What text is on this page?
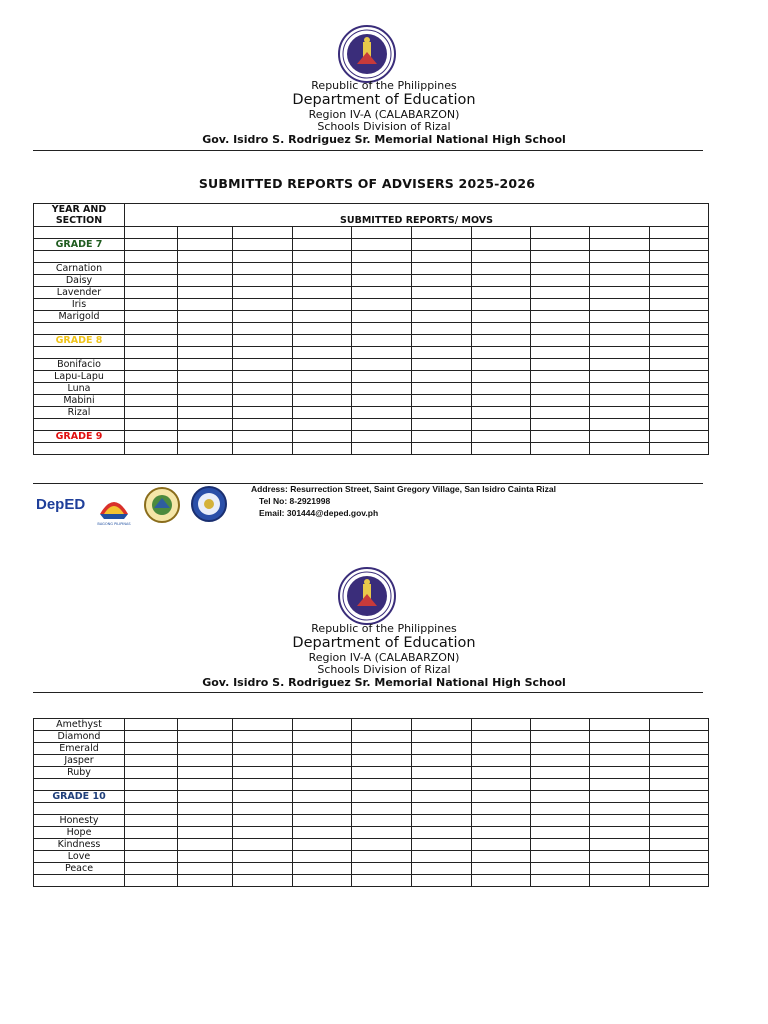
Republic of the Philippines
Department of Education
Region IV-A (CALABARZON)
Schools Division of Rizal
Gov. Isidro S. Rodriguez Sr. Memorial National High School
SUBMITTED REPORTS OF ADVISERS 2025-2026
YEAR AND SECTION	SUBMITTED REPORTS/ MOVS									

GRADE 7										

Carnation										
Daisy										
Lavender										
Iris										
Marigold										

GRADE 8										

Bonifacio										
Lapu-Lapu										
Luna										
Mabini										
Rizal										

GRADE 9										

DepED
BAGONG PILIPINAS
Address: Resurrection Street, Saint Gregory Village, San Isidro Cainta Rizal
Tel No: 8-2921998
Email: 301444@deped.gov.ph
Republic of the Philippines
Department of Education
Region IV-A (CALABARZON)
Schools Division of Rizal
Gov. Isidro S. Rodriguez Sr. Memorial National High School
Amethyst										
Diamond										
Emerald										
Jasper										
Ruby										

GRADE 10										

Honesty										
Hope										
Kindness										
Love										
Peace										
